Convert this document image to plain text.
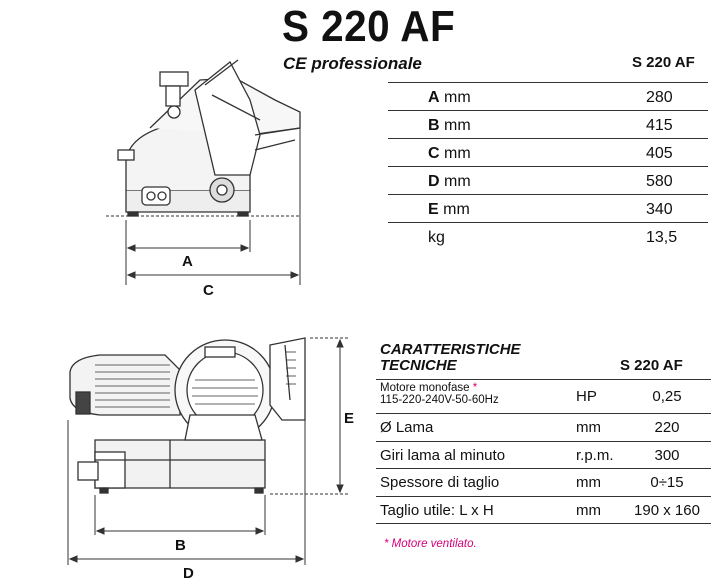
A
C
B
D
E
S 220 AF
CE professionale	S 220 AF
A mm	280
B mm	415
C mm	405
D mm	580
E mm	340
kg	13,5
CARATTERISTICHE
TECNICHE	S 220 AF
Motore monofase *
115-220-240V-50-60Hz	HP	0,25
Ø Lama	mm	220
Giri lama al minuto	r.p.m.	300
Spessore di taglio	mm	0÷15
Taglio utile: L x H	mm 190 x 160
* Motore ventilato.
